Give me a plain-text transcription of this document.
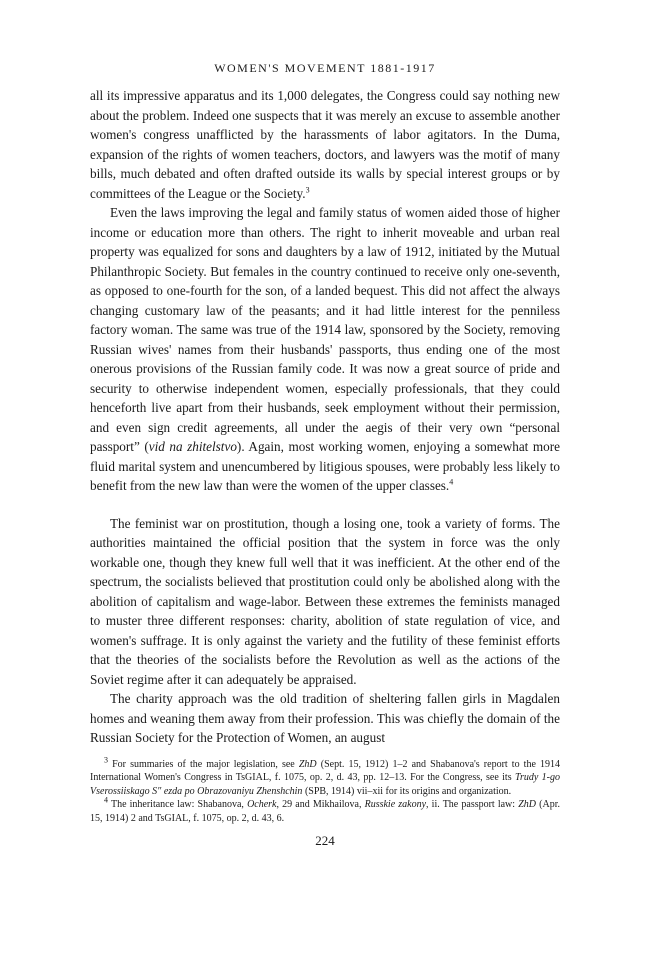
WOMEN'S MOVEMENT 1881-1917

all its impressive apparatus and its 1,000 delegates, the Congress could say nothing new about the problem. Indeed one suspects that it was merely an excuse to assemble another women's congress unafflicted by the harassments of labor agitators. In the Duma, expansion of the rights of women teachers, doctors, and lawyers was the motif of many bills, much debated and often drafted outside its walls by special interest groups or by committees of the League or the Society.$^3$

Even the laws improving the legal and family status of women aided those of higher income or education more than others. The right to inherit moveable and urban real property was equalized for sons and daughters by a law of 1912, initiated by the Mutual Philanthropic Society. But females in the country continued to receive only one-seventh, as opposed to one-fourth for the son, of a landed bequest. This did not affect the always changing customary law of the peasants; and it had little interest for the penniless factory woman. The same was true of the 1914 law, sponsored by the Society, removing Russian wives' names from their husbands' passports, thus ending one of the most onerous provisions of the Russian family code. It was now a great source of pride and security to otherwise independent women, especially professionals, that they could henceforth live apart from their husbands, seek employment without their permission, and even sign credit agreements, all under the aegis of their very own “personal passport” (vid na zhitelstvo). Again, most working women, enjoying a somewhat more fluid marital system and unencumbered by litigious spouses, were probably less likely to benefit from the new law than were the women of the upper classes.$^4$

The feminist war on prostitution, though a losing one, took a variety of forms. The authorities maintained the official position that the system in force was the only workable one, though they knew full well that it was inefficient. At the other end of the spectrum, the socialists believed that prostitution could only be abolished along with the abolition of capitalism and wage-labor. Between these extremes the feminists managed to muster three different responses: charity, abolition of state regulation of vice, and women's suffrage. It is only against the variety and the futility of these feminist efforts that the theories of the socialists before the Revolution as well as the actions of the Soviet regime after it can adequately be appraised.

The charity approach was the old tradition of sheltering fallen girls in Magdalen homes and weaning them away from their profession. This was chiefly the domain of the Russian Society for the Protection of Women, an august

$^3$ For summaries of the major legislation, see ZhD (Sept. 15, 1912) 1–2 and Shabanova's report to the 1914 International Women's Congress in TsGIAL, f. 1075, op. 2, d. 43, pp. 12–13. For the Congress, see its Trudy 1-go Vserossiiskago S" ezda po Obrazovaniyu Zhenshchin (SPB, 1914) vii–xii for its origins and organization.

$^4$ The inheritance law: Shabanova, Ocherk, 29 and Mikhailova, Russkie zakony, ii. The passport law: ZhD (Apr. 15, 1914) 2 and TsGIAL, f. 1075, op. 2, d. 43, 6.

224
